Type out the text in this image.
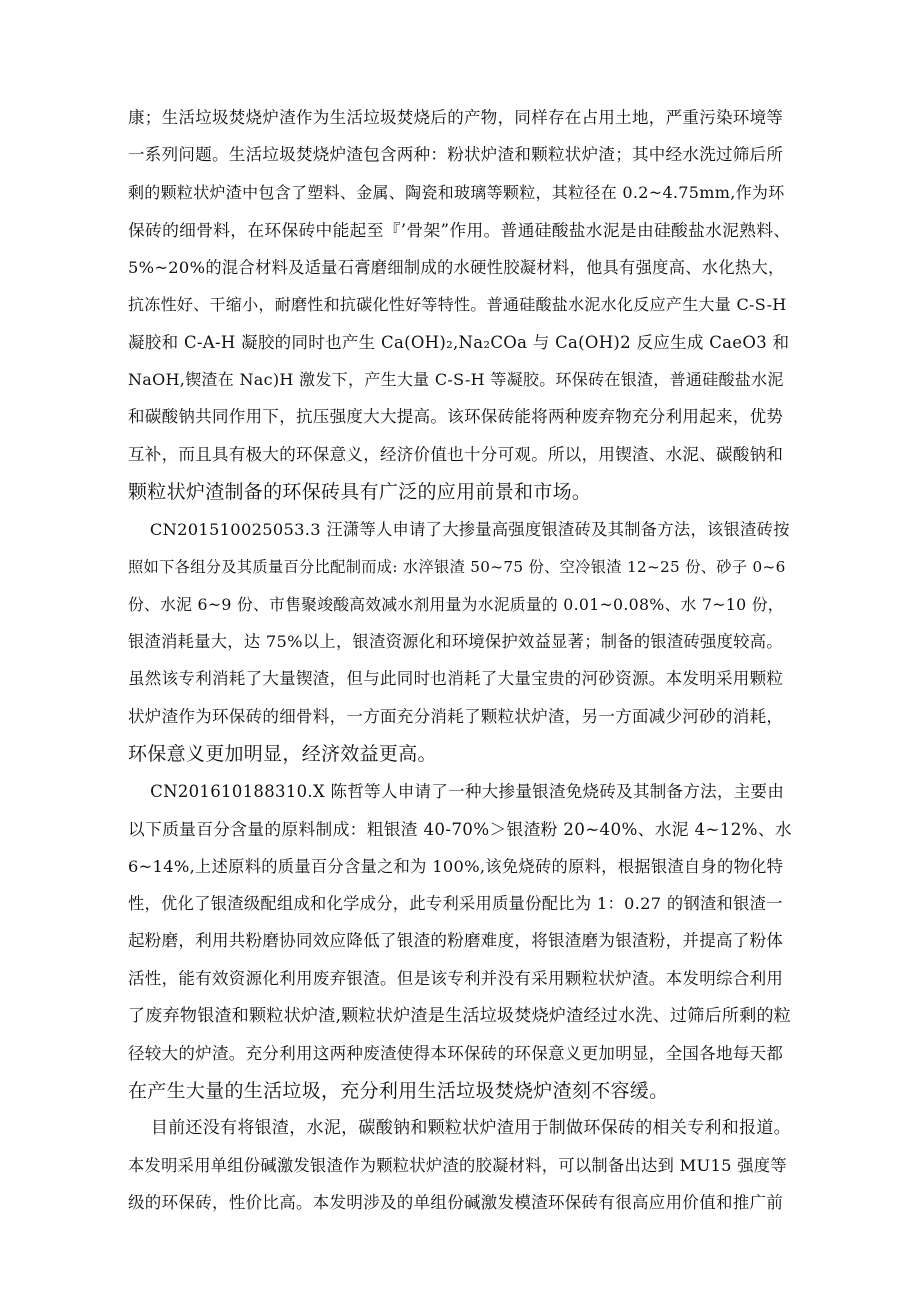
康；生活垃圾焚烧炉渣作为生活垃圾焚烧后的产物，同样存在占用土地，严重污染环境等
一系列问题。生活垃圾焚烧炉渣包含两种：粉状炉渣和颗粒状炉渣；其中经水洗过筛后所
剩的颗粒状炉渣中包含了塑料、金属、陶瓷和玻璃等颗粒，其粒径在 0.2~4.75mm,作为环
保砖的细骨料，在环保砖中能起至『’骨架”作用。普通硅酸盐水泥是由硅酸盐水泥熟料、
5%~20%的混合材料及适量石膏磨细制成的水硬性胶凝材料，他具有强度高、水化热大，
抗冻性好、干缩小，耐磨性和抗碳化性好等特性。普通硅酸盐水泥水化反应产生大量 C-S-H
凝胶和 C-A-H 凝胶的同时也产生 Ca(OH)₂,Na₂COa 与 Ca(OH)2 反应生成 CaeO3 和
NaOH,锲渣在 Nac)H 激发下，产生大量 C-S-H 等凝胶。环保砖在银渣，普通硅酸盐水泥
和碳酸钠共同作用下，抗压强度大大提高。该环保砖能将两种废弃物充分利用起来，优势
互补，而且具有极大的环保意义，经济价值也十分可观。所以，用锲渣、水泥、碳酸钠和
颗粒状炉渣制备的环保砖具有广泛的应用前景和市场。
CN201510025053.3 汪潇等人申请了大掺量高强度银渣砖及其制备方法，该银渣砖按
照如下各组分及其质量百分比配制而成: 水淬银渣 50~75 份、空冷银渣 12~25 份、砂子 0~6
份、水泥 6~9 份、市售聚竣酸高效减水剂用量为水泥质量的 0.01~0.08%、水 7~10 份，
银渣消耗量大，达 75%以上，银渣资源化和环境保护效益显著；制备的银渣砖强度较高。
虽然该专利消耗了大量锲渣，但与此同时也消耗了大量宝贵的河砂资源。本发明采用颗粒
状炉渣作为环保砖的细骨料，一方面充分消耗了颗粒状炉渣，另一方面减少河砂的消耗，
环保意义更加明显，经济效益更高。
CN201610188310.X 陈哲等人申请了一种大掺量银渣免烧砖及其制备方法，主要由
以下质量百分含量的原料制成：粗银渣 40-70%＞银渣粉 20~40%、水泥 4~12%、水
6~14%,上述原料的质量百分含量之和为 100%,该免烧砖的原料，根据银渣自身的物化特
性，优化了银渣级配组成和化学成分，此专利采用质量份配比为 1：0.27 的钢渣和银渣一
起粉磨，利用共粉磨协同效应降低了银渣的粉磨难度，将银渣磨为银渣粉，并提高了粉体
活性，能有效资源化利用废弃银渣。但是该专利并没有采用颗粒状炉渣。本发明综合利用
了废弃物银渣和颗粒状炉渣,颗粒状炉渣是生活垃圾焚烧炉渣经过水洗、过筛后所剩的粒
径较大的炉渣。充分利用这两种废渣使得本环保砖的环保意义更加明显，全国各地每天都
在产生大量的生活垃圾，充分利用生活垃圾焚烧炉渣刻不容缓。
目前还没有将银渣，水泥，碳酸钠和颗粒状炉渣用于制做环保砖的相关专利和报道。
本发明采用单组份碱激发银渣作为颗粒状炉渣的胶凝材料，可以制备出达到 MU15 强度等
级的环保砖，性价比高。本发明涉及的单组份碱激发模渣环保砖有很高应用价值和推广前
